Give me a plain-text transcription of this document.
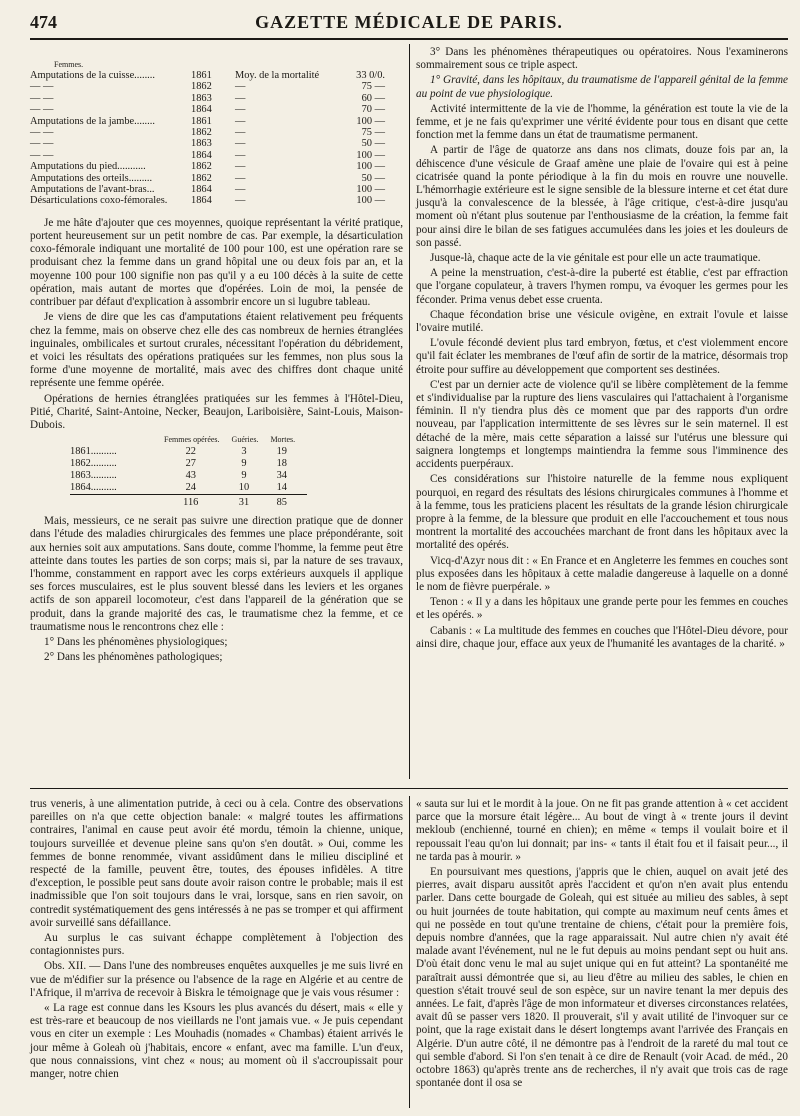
474	GAZETTE MÉDICALE DE PARIS.
Femmes.
Amputations de la cuisse........	1861	Moy. de la mortalité	33 0/0.
— —	1862	—	75 —
— —	1863	—	60 —
— —	1864	—	70 —
Amputations de la jambe........	1861	—	100 —
— —	1862	—	75 —
— —	1863	—	50 —
— —	1864	—	100 —
Amputations du pied...........	1862	—	100 —
Amputations des orteils.........	1862	—	50 —
Amputations de l'avant-bras...	1864	—	100 —
Désarticulations coxo-fémorales.	1864	—	100 —

Je me hâte d'ajouter que ces moyennes, quoique représentant la vérité pratique, portent heureusement sur un petit nombre de cas. Par exemple, la désarticulation coxo-fémorale indiquant une mortalité de 100 pour 100, est une opération rare se produisant chez la femme dans un grand hôpital une ou deux fois par an, et la moyenne 100 pour 100 signifie non pas qu'il y a eu 100 décès à la suite de cette opération, mais autant de mortes que d'opérées. Loin de moi, la pensée de contribuer par défaut d'explication à assombrir encore un si lugubre tableau.

Je viens de dire que les cas d'amputations étaient relativement peu fréquents chez la femme, mais on observe chez elle des cas nombreux de hernies étranglées inguinales, ombilicales et surtout crurales, nécessitant l'opération du débridement, et voici les résultats des opérations pratiquées sur les femmes, non plus sous la forme d'une moyenne de mortalité, mais avec des chiffres dont chaque unité représente une femme opérée.

Opérations de hernies étranglées pratiquées sur les femmes à l'Hôtel-Dieu, Pitié, Charité, Saint-Antoine, Necker, Beaujon, Lariboisière, Saint-Louis, Maison-Dubois.

	Femmes opérées.	Guéries.	Mortes.
1861..........	22	3	19
1862..........	27	9	18
1863..........	43	9	34
1864..........	24	10	14
	116	31	85

Mais, messieurs, ce ne serait pas suivre une direction pratique que de donner dans l'étude des maladies chirurgicales des femmes une place prépondérante, soit aux hernies soit aux amputations. Sans doute, comme l'homme, la femme peut être atteinte dans toutes les parties de son corps; mais si, par la nature de ses travaux, l'homme, constamment en rapport avec les corps extérieurs auxquels il applique ses forces musculaires, est le plus souvent blessé dans les leviers et les organes actifs de son appareil locomoteur, c'est dans l'appareil de la génération que se produit, dans la grande majorité des cas, le traumatisme chez la femme, et ce traumatisme nous le rencontrons chez elle :

1° Dans les phénomènes physiologiques;

2° Dans les phénomènes pathologiques;

3° Dans les phénomènes thérapeutiques ou opératoires. Nous l'examinerons sommairement sous ce triple aspect.

1° Gravité, dans les hôpitaux, du traumatisme de l'appareil génital de la femme au point de vue physiologique.

Activité intermittente de la vie de l'homme, la génération est toute la vie de la femme, et je ne fais qu'exprimer une vérité évidente pour tous en disant que cette fonction met la femme dans un état de traumatisme permanent.

A partir de l'âge de quatorze ans dans nos climats, douze fois par an, la déhiscence d'une vésicule de Graaf amène une plaie de l'ovaire qui est à peine cicatrisée quand la ponte périodique à la fin du mois en rouvre une nouvelle. L'hémorrhagie extérieure est le signe sensible de la blessure interne et cet état dure jusqu'à la convalescence de la blessée, à l'âge critique, c'est-à-dire jusqu'au moment où n'étant plus soutenue par l'enthousiasme de la création, la femme fait pour ainsi dire le bilan de ses fatigues accumulées dans les joies et les douleurs de son passé.

Jusque-là, chaque acte de la vie génitale est pour elle un acte traumatique.

A peine la menstruation, c'est-à-dire la puberté est établie, c'est par effraction que l'organe copulateur, à travers l'hymen rompu, va évoquer les germes pour les féconder. Prima venus debet esse cruenta.

Chaque fécondation brise une vésicule ovigène, en extrait l'ovule et laisse l'ovaire mutilé.

L'ovule fécondé devient plus tard embryon, fœtus, et c'est violemment encore qu'il fait éclater les membranes de l'œuf afin de sortir de la matrice, désormais trop étroite pour suffire au développement que comportent ses destinées.

C'est par un dernier acte de violence qu'il se libère complètement de la femme et s'individualise par la rupture des liens vasculaires qui l'attachaient à l'organisme féminin. Il n'y tiendra plus dès ce moment que par des rapports d'un ordre nouveau, par l'application intermittente de ses lèvres sur le sein maternel. Il est détaché de la mère, mais cette séparation a laissé sur l'utérus une blessure qui saignera longtemps et longtemps maintiendra la femme sous l'imminence des accidents puerpéraux.

Ces considérations sur l'histoire naturelle de la femme nous expliquent pourquoi, en regard des résultats des lésions chirurgicales communes à l'homme et à la femme, tous les praticiens placent les résultats de la grande lésion chirurgicale propre à la femme, de la blessure que produit en elle l'accouchement et tous nous montrent la mortalité des accouchées marchant de front dans les hôpitaux avec la mortalité des opérés.

Vicq-d'Azyr nous dit : « En France et en Angleterre les femmes en couches sont plus exposées dans les hôpitaux à cette maladie dangereuse à laquelle on a donné le nom de fièvre puerpérale. »

Tenon : « Il y a dans les hôpitaux une grande perte pour les femmes en couches et les opérés. »

Cabanis : « La multitude des femmes en couches que l'Hôtel-Dieu dévore, pour ainsi dire, chaque jour, efface aux yeux de l'humanité les avantages de la charité. »

trus veneris, à une alimentation putride, à ceci ou à cela. Contre des observations pareilles on n'a que cette objection banale: « malgré toutes les affirmations contraires, l'animal en cause peut avoir été mordu, témoin la chienne, unique, toujours surveillée et devenue pleine sans qu'on s'en doutât. » Oui, comme les femmes de bonne renommée, vivant assidûment dans le milieu discipliné et respecté de la famille, peuvent être, toutes, des épouses infidèles. A titre d'exception, le possible peut sans doute avoir raison contre le probable; mais il est inadmissible que l'on soit toujours dans le vrai, lorsque, sans en rien savoir, on contredit systématiquement des gens intéressés à ne pas se tromper et qui affirment avoir surveillé sans défaillance.

Au surplus le cas suivant échappe complètement à l'objection des contagionnistes purs.

Obs. XII. — Dans l'une des nombreuses enquêtes auxquelles je me suis livré en vue de m'édifier sur la présence ou l'absence de la rage en Algérie et au centre de l'Afrique, il m'arriva de recevoir à Biskra le témoignage que je vais vous résumer :

« La rage est connue dans les Ksours les plus avancés du désert, mais « elle y est très-rare et beaucoup de nos vieillards ne l'ont jamais vue. « Je puis cependant vous en citer un exemple : Les Mouhadis (nomades « Chambas) étaient arrivés le jour même à Goleah où j'habitais, encore « enfant, avec ma famille. L'un d'eux, que nous connaissions, vint chez « nous; au moment où il s'accroupissait pour manger, notre chien

« sauta sur lui et le mordit à la joue. On ne fit pas grande attention à « cet accident parce que la morsure était légère... Au bout de vingt à « trente jours il devint mekloub (enchienné, tourné en chien); en même « temps il voulait boire et il repoussait l'eau qu'on lui donnait; par ins- « tants il était fou et il faisait peur..., il ne tarda pas à mourir. »

En poursuivant mes questions, j'appris que le chien, auquel on avait jeté des pierres, avait disparu aussitôt après l'accident et qu'on n'en avait plus entendu parler. Dans cette bourgade de Goleah, qui est située au milieu des sables, à sept ou huit journées de toute habitation, qui compte au maximum neuf cents âmes et qui ne possède en tout qu'une trentaine de chiens, c'était pour la première fois, depuis nombre d'années, que la rage apparaissait. Nul autre chien n'y avait été malade avant l'événement, nul ne le fut depuis au moins pendant sept ou huit ans. D'où était donc venu le mal au sujet unique qui en fut atteint? La spontanéité me paraîtrait aussi démontrée que si, au lieu d'être au milieu des sables, le chien en question s'était trouvé seul de son espèce, sur un navire tenant la mer depuis des années. Le fait, d'après l'âge de mon informateur et diverses circonstances relatées, avait dû se passer vers 1820. Il prouverait, s'il y avait utilité de l'invoquer sur ce point, que la rage existait dans le désert longtemps avant l'arrivée des Français en Algérie. D'un autre côté, il ne démontre pas à l'endroit de la rareté du mal tout ce qui semble d'abord. Si l'on s'en tenait à ce dire de Renault (voir Acad. de méd., 20 octobre 1863) qu'après trente ans de recherches, il n'y avait que trois cas de rage spontanée dont il osa se
